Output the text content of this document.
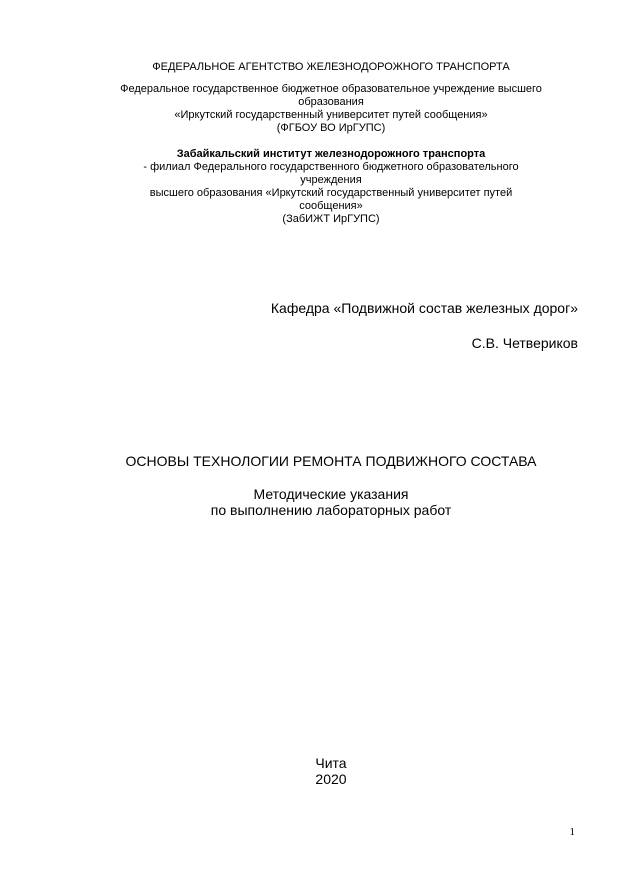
ФЕДЕРАЛЬНОЕ АГЕНТСТВО ЖЕЛЕЗНОДОРОЖНОГО ТРАНСПОРТА
Федеральное государственное бюджетное образовательное учреждение высшего
образования
«Иркутский государственный университет путей сообщения»
(ФГБОУ ВО ИрГУПС)
Забайкальский институт железнодорожного транспорта
- филиал Федерального государственного бюджетного образовательного
учреждения
высшего образования «Иркутский государственный университет путей
сообщения»
(ЗабИЖТ ИрГУПС)
Кафедра «Подвижной состав железных дорог»
С.В. Четвериков
ОСНОВЫ ТЕХНОЛОГИИ РЕМОНТА ПОДВИЖНОГО СОСТАВА
Методические указания
по выполнению лабораторных работ
Чита
2020
1
